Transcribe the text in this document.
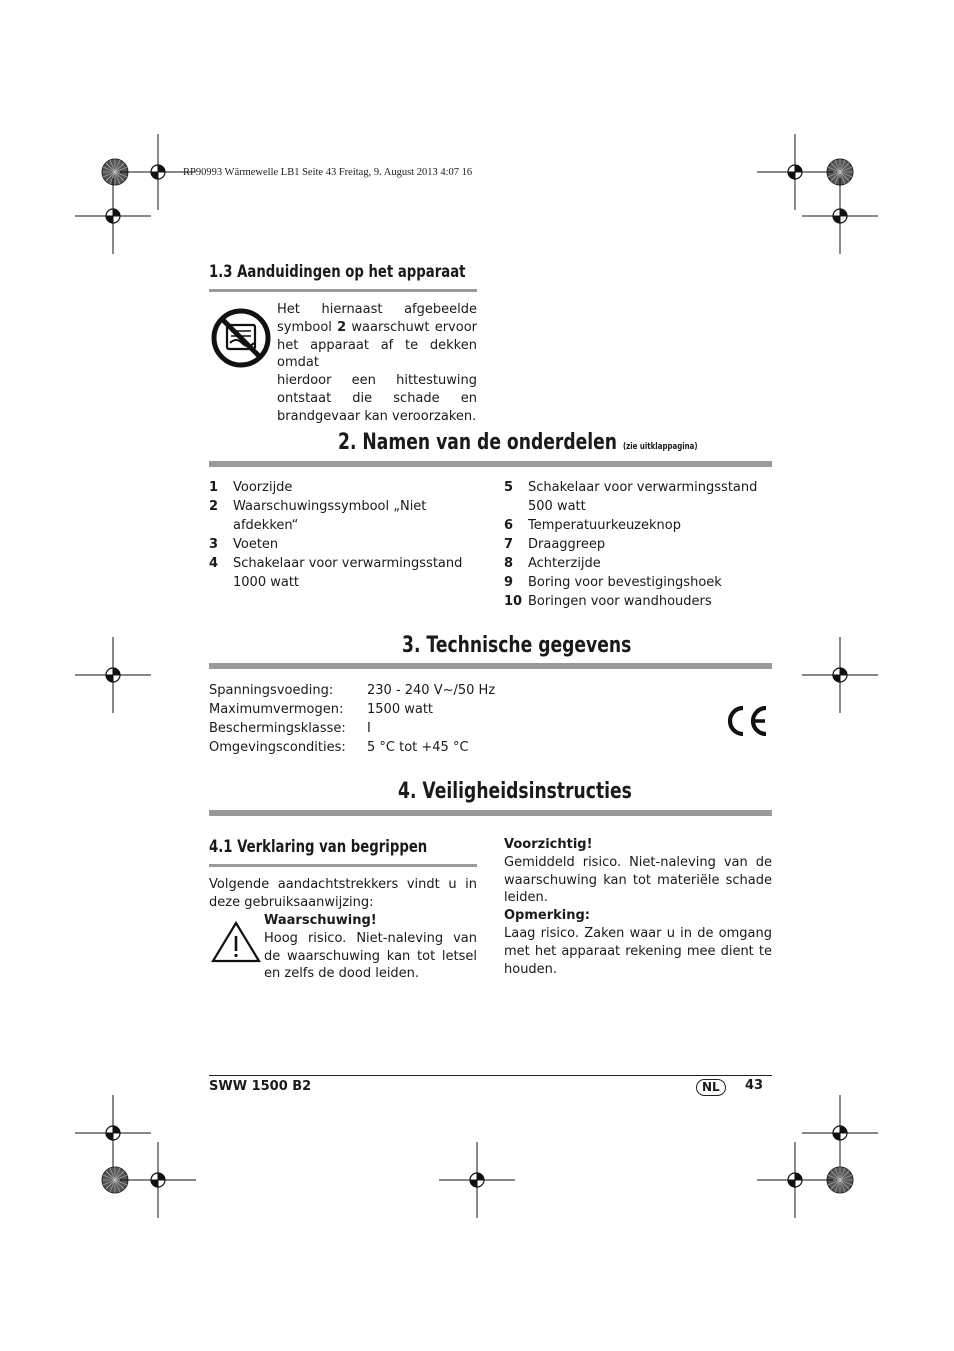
RP90993 Wärmewelle LB1 Seite 43 Freitag, 9. August 2013 4:07 16
1.3 Aanduidingen op het apparaat
Het hiernaast afgebeelde
symbool 2 waarschuwt ervoor
het apparaat af te dekken omdat
hierdoor een hittestuwing
ontstaat die schade en
brandgevaar kan veroorzaken.
2. Namen van de onderdelen (zie uitklappagina)
1	Voorzijde
2	Waarschuwingssymbool „Niet afdekken“
3	Voeten
4	Schakelaar voor verwarmingsstand 1000 watt
5	Schakelaar voor verwarmingsstand 500 watt
6	Temperatuurkeuzeknop
7	Draaggreep
8	Achterzijde
9	Boring voor bevestigingshoek
10 Boringen voor wandhouders
3. Technische gegevens
Spanningsvoeding:	230 - 240 V~/50 Hz
Maximumvermogen:	1500 watt
Beschermingsklasse:	I
Omgevingscondities:	5 °C tot +45 °C
4. Veiligheidsinstructies
4.1 Verklaring van begrippen
Volgende aandachtstrekkers vindt u in deze gebruiksaanwijzing:
Waarschuwing!
Hoog risico. Niet-naleving van de waarschuwing kan tot letsel en zelfs de dood leiden.
Voorzichtig!
Gemiddeld risico. Niet-naleving van de waarschuwing kan tot materiële schade leiden.
Opmerking:
Laag risico. Zaken waar u in de omgang met het apparaat rekening mee dient te houden.
SWW 1500 B2	NL	43
